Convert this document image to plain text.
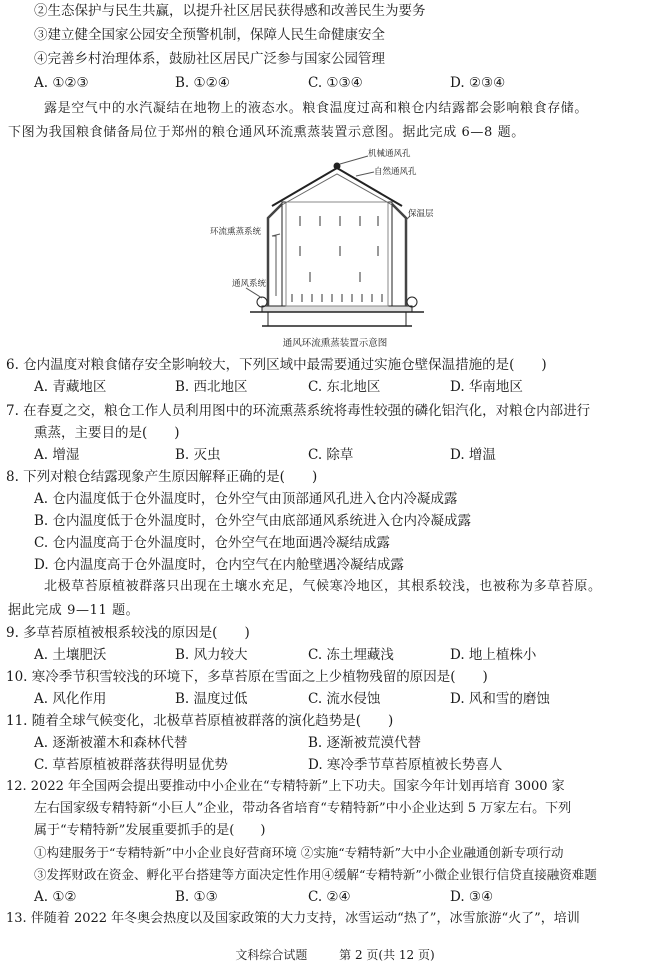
②生态保护与民生共赢，以提升社区居民获得感和改善民生为要务
③建立健全国家公园安全预警机制，保障人民生命健康安全
④完善乡村治理体系，鼓励社区居民广泛参与国家公园管理
A. ①②③	B. ①②④	C. ①③④	D. ②③④
露是空气中的水汽凝结在地物上的液态水。粮食温度过高和粮仓内结露都会影响粮食存储。
下图为我国粮食储备局位于郑州的粮仓通风环流熏蒸装置示意图。据此完成 6—8 题。
机械通风孔
自然通风孔
保温层
环流熏蒸系统
通风系统
通风环流熏蒸装置示意图
6. 仓内温度对粮食储存安全影响较大，下列区域中最需要通过实施仓壁保温措施的是(　　)
A. 青藏地区	B. 西北地区	C. 东北地区	D. 华南地区
7. 在春夏之交，粮仓工作人员利用图中的环流熏蒸系统将毒性较强的磷化铝汽化，对粮仓内部进行
熏蒸，主要目的是(　　)
A. 增湿	B. 灭虫	C. 除草	D. 增温
8. 下列对粮仓结露现象产生原因解释正确的是(　　)
A. 仓内温度低于仓外温度时，仓外空气由顶部通风孔进入仓内冷凝成露
B. 仓内温度低于仓外温度时，仓外空气由底部通风系统进入仓内冷凝成露
C. 仓内温度高于仓外温度时，仓外空气在地面遇冷凝结成露
D. 仓内温度高于仓外温度时，仓内空气在内舱壁遇冷凝结成露
北极草苔原植被群落只出现在土壤水充足，气候寒冷地区，其根系较浅，也被称为多草苔原。
据此完成 9—11 题。
9. 多草苔原植被根系较浅的原因是(　　)
A. 土壤肥沃	B. 风力较大	C. 冻土埋藏浅	D. 地上植株小
10. 寒冷季节积雪较浅的环境下，多草苔原在雪面之上少植物残留的原因是(　　)
A. 风化作用	B. 温度过低	C. 流水侵蚀	D. 风和雪的磨蚀
11. 随着全球气候变化，北极草苔原植被群落的演化趋势是(　　)
A. 逐渐被灌木和森林代替	B. 逐渐被荒漠代替
C. 草苔原植被群落获得明显优势	D. 寒冷季节草苔原植被长势喜人
12. 2022 年全国两会提出要推动中小企业在“专精特新”上下功夫。国家今年计划再培育 3000 家
左右国家级专精特新“小巨人”企业，带动各省培育“专精特新”中小企业达到 5 万家左右。下列
属于“专精特新”发展重要抓手的是(　　)
①构建服务于“专精特新”中小企业良好营商环境 ②实施“专精特新”大中小企业融通创新专项行动
③发挥财政在资金、孵化平台搭建等方面决定性作用④缓解“专精特新”小微企业银行信贷直接融资难题
A. ①②	B. ①③	C. ②④	D. ③④
13. 伴随着 2022 年冬奥会热度以及国家政策的大力支持，冰雪运动“热了”，冰雪旅游“火了”，培训
文科综合试题	第 2 页(共 12 页)
